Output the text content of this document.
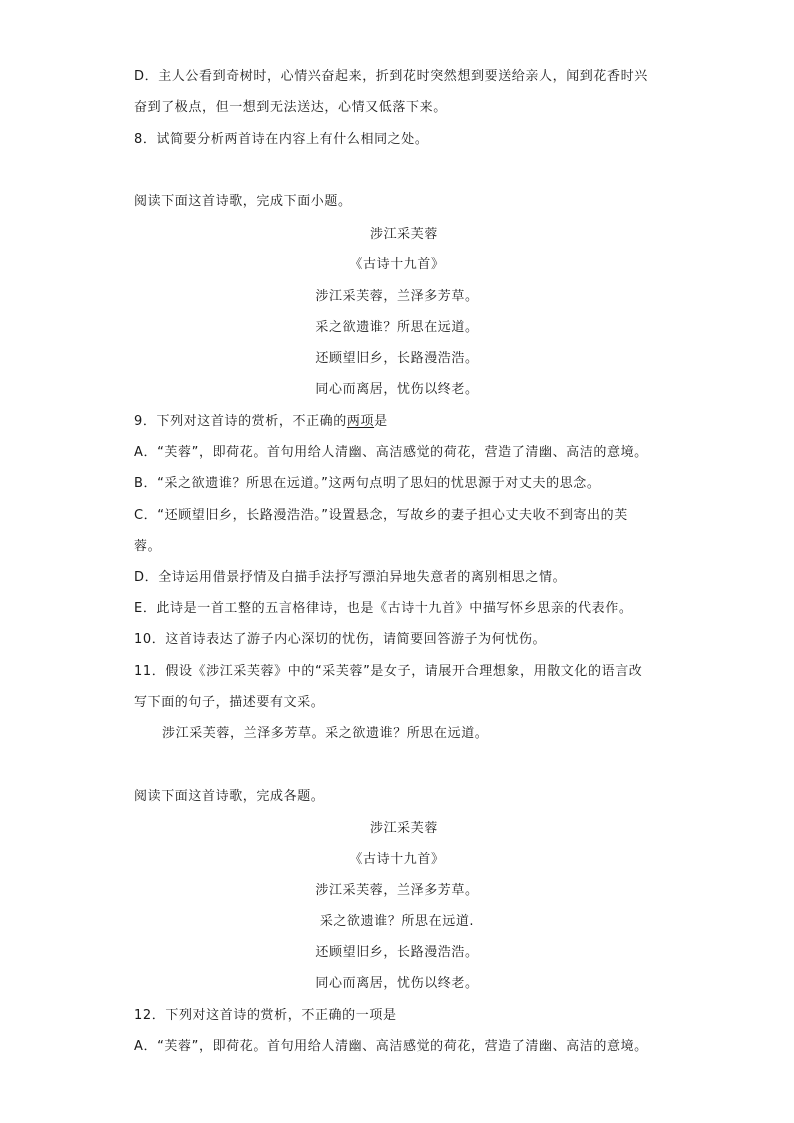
D．主人公看到奇树时，心情兴奋起来，折到花时突然想到要送给亲人，闻到花香时兴
奋到了极点，但一想到无法送达，心情又低落下来。
8．试简要分析两首诗在内容上有什么相同之处。
阅读下面这首诗歌，完成下面小题。
涉江采芙蓉
《古诗十九首》
涉江采芙蓉，兰泽多芳草。
采之欲遗谁？所思在远道。
还顾望旧乡，长路漫浩浩。
同心而离居，忧伤以终老。
9．下列对这首诗的赏析，不正确的两项是
A．“芙蓉”，即荷花。首句用给人清幽、高洁感觉的荷花，营造了清幽、高洁的意境。
B．“采之欲遗谁？所思在远道。”这两句点明了思妇的忧思源于对丈夫的思念。
C．“还顾望旧乡，长路漫浩浩。”设置悬念，写故乡的妻子担心丈夫收不到寄出的芙
蓉。
D．全诗运用借景抒情及白描手法抒写漂泊异地失意者的离别相思之情。
E．此诗是一首工整的五言格律诗，也是《古诗十九首》中描写怀乡思亲的代表作。
10．这首诗表达了游子内心深切的忧伤，请简要回答游子为何忧伤。
11．假设《涉江采芙蓉》中的“采芙蓉”是女子，请展开合理想象，用散文化的语言改
写下面的句子，描述要有文采。
涉江采芙蓉，兰泽多芳草。采之欲遗谁？所思在远道。
阅读下面这首诗歌，完成各题。
涉江采芙蓉
《古诗十九首》
涉江采芙蓉，兰泽多芳草。
采之欲遗谁？所思在远道.
还顾望旧乡，长路漫浩浩。
同心而离居，忧伤以终老。
12．下列对这首诗的赏析，不正确的一项是
A．“芙蓉”，即荷花。首句用给人清幽、高洁感觉的荷花，营造了清幽、高洁的意境。
